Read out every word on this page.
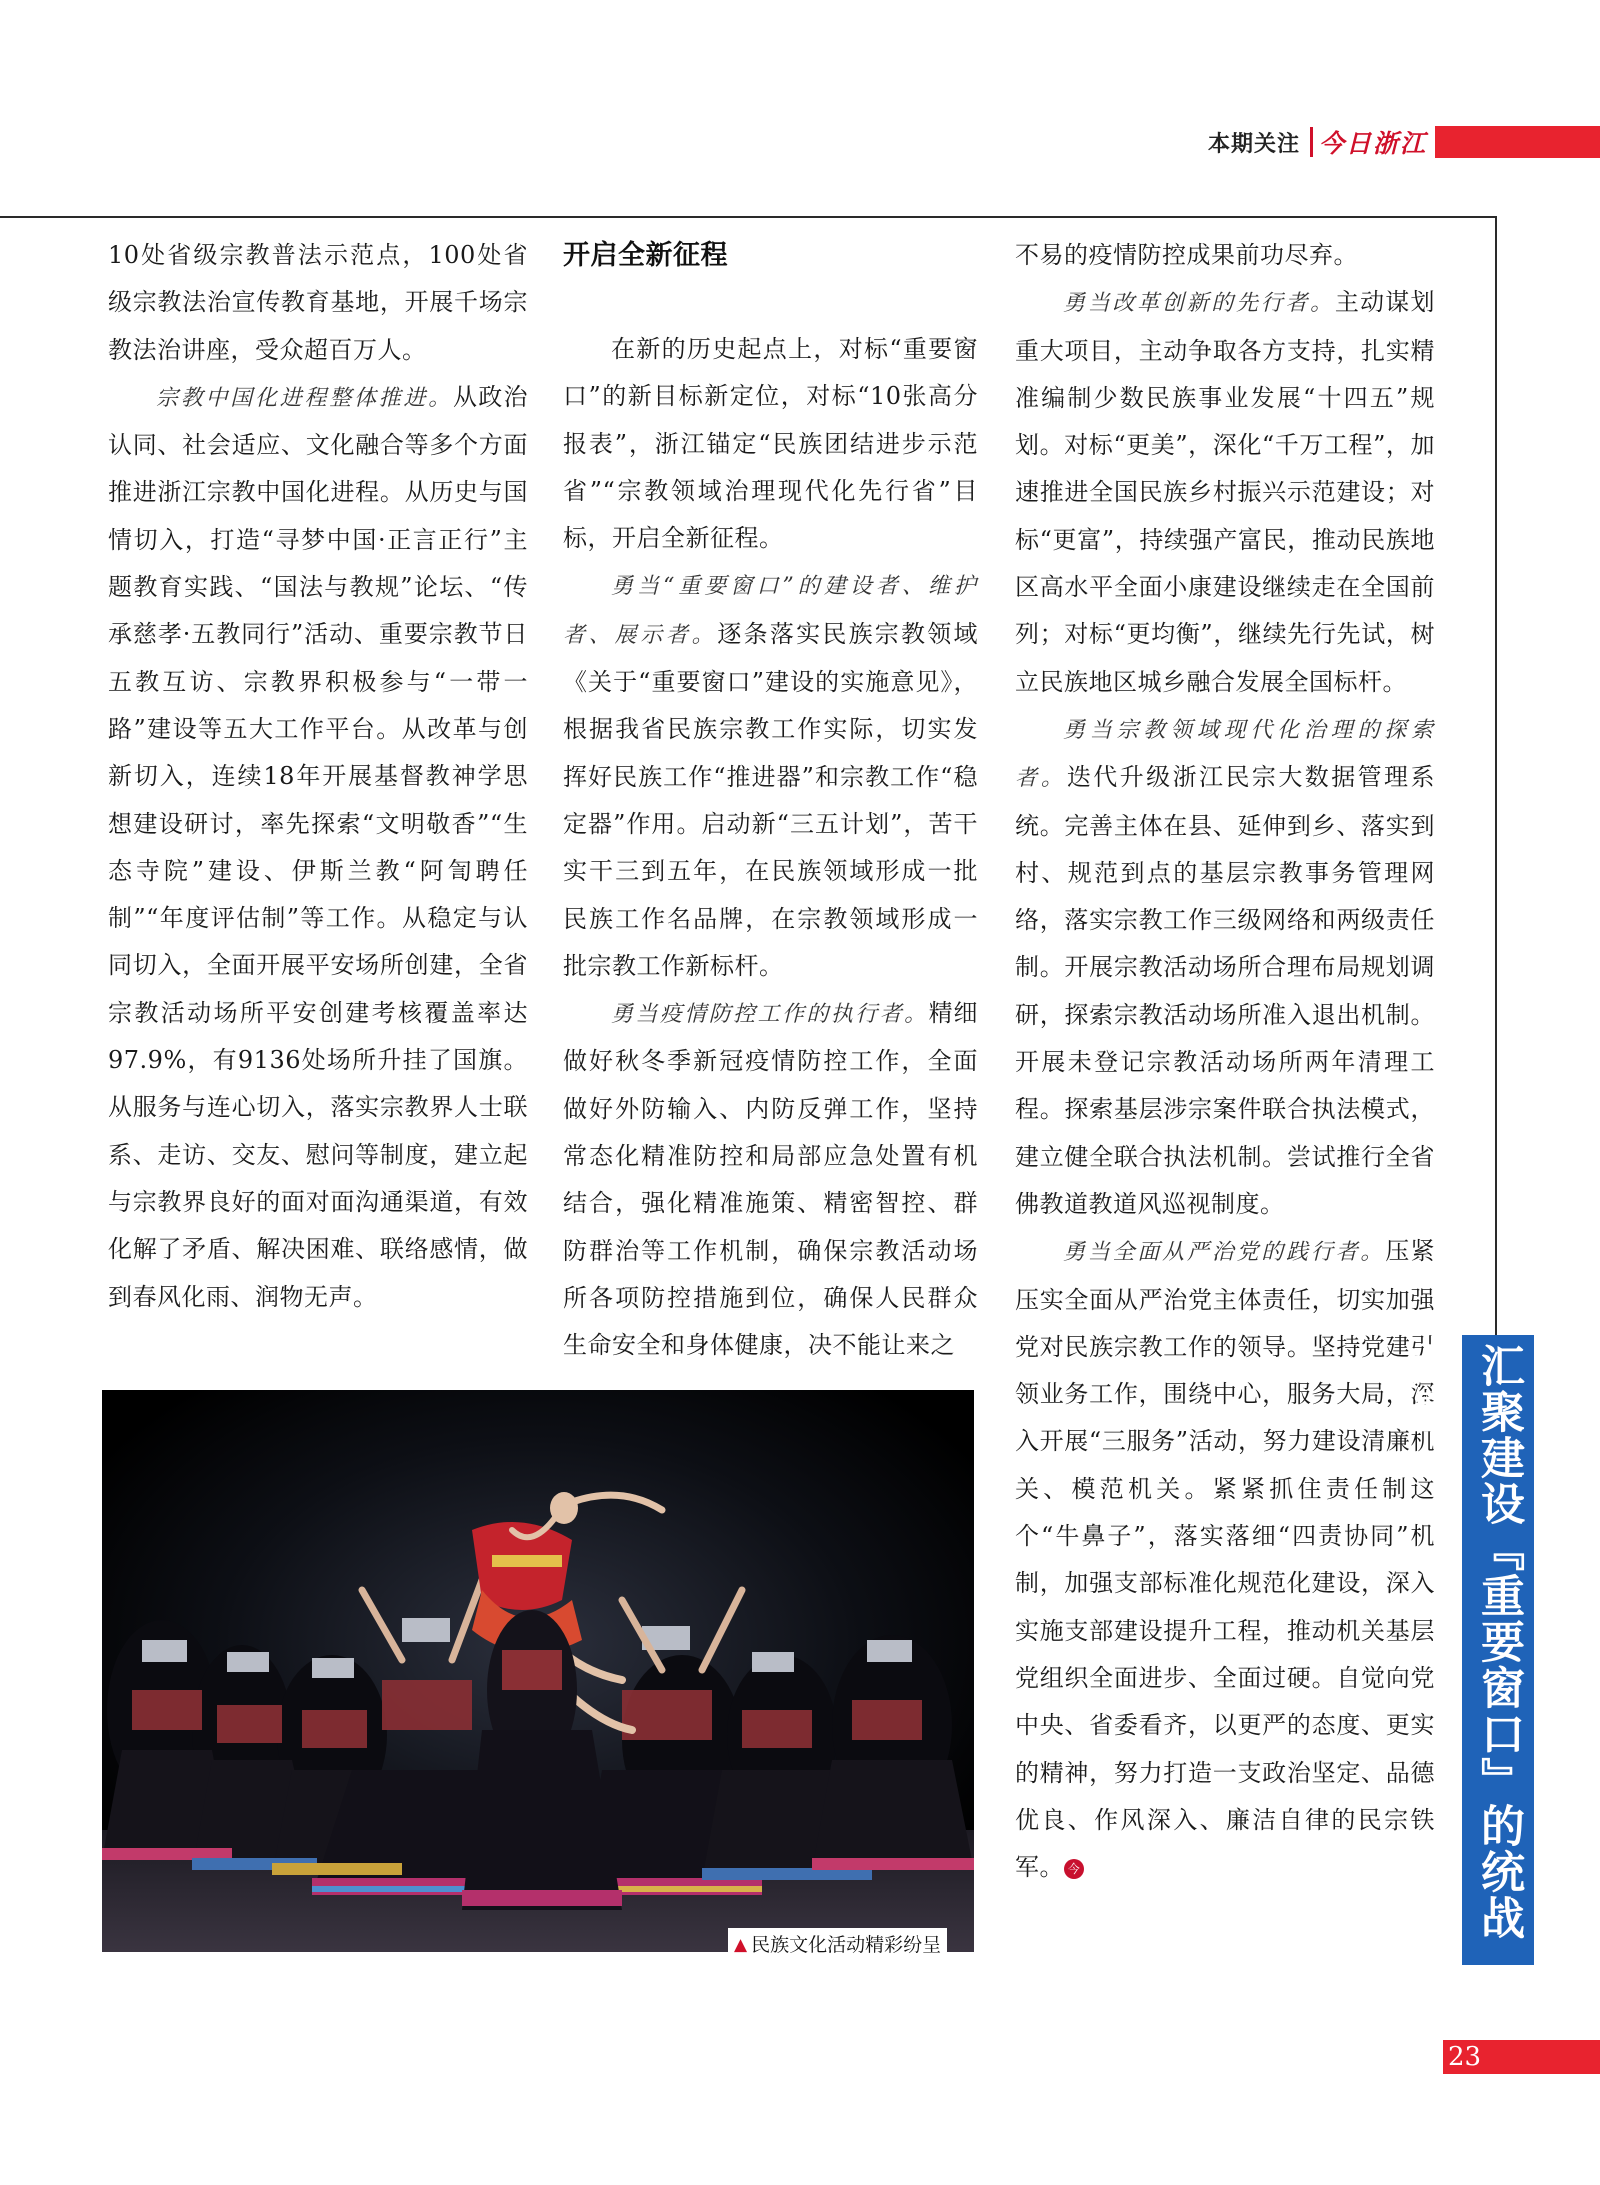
本期关注 今日浙江

10处省级宗教普法示范点，100处省级宗教法治宣传教育基地，开展千场宗教法治讲座，受众超百万人。

宗教中国化进程整体推进。从政治认同、社会适应、文化融合等多个方面推进浙江宗教中国化进程。从历史与国情切入，打造“寻梦中国·正言正行”主题教育实践、“国法与教规”论坛、“传承慈孝·五教同行”活动、重要宗教节日五教互访、宗教界积极参与“一带一路”建设等五大工作平台。从改革与创新切入，连续18年开展基督教神学思想建设研讨，率先探索“文明敬香”“生态寺院”建设、伊斯兰教“阿訇聘任制”“年度评估制”等工作。从稳定与认同切入，全面开展平安场所创建，全省宗教活动场所平安创建考核覆盖率达97.9%，有9136处场所升挂了国旗。从服务与连心切入，落实宗教界人士联系、走访、交友、慰问等制度，建立起与宗教界良好的面对面沟通渠道，有效化解了矛盾、解决困难、联络感情，做到春风化雨、润物无声。

开启全新征程

在新的历史起点上，对标“重要窗口”的新目标新定位，对标“10张高分报表”，浙江锚定“民族团结进步示范省”“宗教领域治理现代化先行省”目标，开启全新征程。

勇当“重要窗口”的建设者、维护者、展示者。逐条落实民族宗教领域《关于“重要窗口”建设的实施意见》，根据我省民族宗教工作实际，切实发挥好民族工作“推进器”和宗教工作“稳定器”作用。启动新“三五计划”，苦干实干三到五年，在民族领域形成一批民族工作名品牌，在宗教领域形成一批宗教工作新标杆。

勇当疫情防控工作的执行者。精细做好秋冬季新冠疫情防控工作，全面做好外防输入、内防反弹工作，坚持常态化精准防控和局部应急处置有机结合，强化精准施策、精密智控、群防群治等工作机制，确保宗教活动场所各项防控措施到位，确保人民群众生命安全和身体健康，决不能让来之

不易的疫情防控成果前功尽弃。

勇当改革创新的先行者。主动谋划重大项目，主动争取各方支持，扎实精准编制少数民族事业发展“十四五”规划。对标“更美”，深化“千万工程”，加速推进全国民族乡村振兴示范建设；对标“更富”，持续强产富民，推动民族地区高水平全面小康建设继续走在全国前列；对标“更均衡”，继续先行先试，树立民族地区城乡融合发展全国标杆。

勇当宗教领域现代化治理的探索者。迭代升级浙江民宗大数据管理系统。完善主体在县、延伸到乡、落实到村、规范到点的基层宗教事务管理网络，落实宗教工作三级网络和两级责任制。开展宗教活动场所合理布局规划调研，探索宗教活动场所准入退出机制。开展未登记宗教活动场所两年清理工程。探索基层涉宗案件联合执法模式，建立健全联合执法机制。尝试推行全省佛教道教道风巡视制度。

勇当全面从严治党的践行者。压紧压实全面从严治党主体责任，切实加强党对民族宗教工作的领导。坚持党建引领业务工作，围绕中心，服务大局，深入开展“三服务”活动，努力建设清廉机关、模范机关。紧紧抓住责任制这个“牛鼻子”，落实落细“四责协同”机制，加强支部标准化规范化建设，深入实施支部建设提升工程，推动机关基层党组织全面进步、全面过硬。自觉向党中央、省委看齐，以更严的态度、更实的精神，努力打造一支政治坚定、品德优良、作风深入、廉洁自律的民宗铁军。 今

▲ 民族文化活动精彩纷呈
汇聚建设『重要窗口』的统战力量
23
